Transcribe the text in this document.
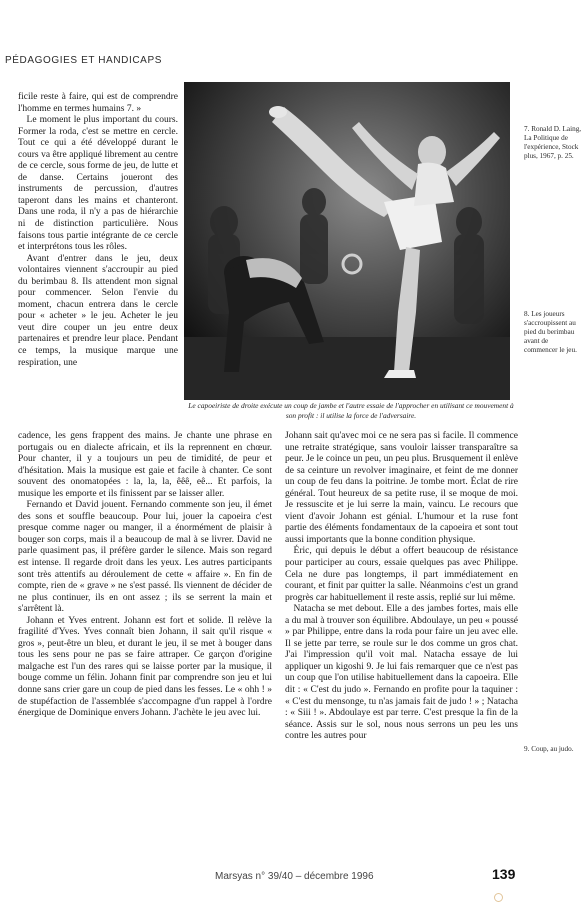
PÉDAGOGIES ET HANDICAPS
Le capoeiriste de droite exécute un coup de jambe et l'autre essaie de l'approcher en utilisant ce mouvement à son profit : il utilise la force de l'adversaire.

ficile reste à faire, qui est de comprendre l'homme en termes humains 7. »

Le moment le plus important du cours. Former la roda, c'est se mettre en cercle. Tout ce qui a été développé durant le cours va être appliqué librement au centre de ce cercle, sous forme de jeu, de lutte et de danse. Certains joueront des instruments de percussion, d'autres taperont dans les mains et chanteront. Dans une roda, il n'y a pas de hiérarchie ni de distinction particulière. Nous faisons tous partie intégrante de ce cercle et interprétons tous les rôles.

Avant d'entrer dans le jeu, deux volontaires viennent s'accroupir au pied du berimbau 8. Ils attendent mon signal pour commencer. Selon l'envie du moment, chacun entrera dans le cercle pour « acheter » le jeu. Acheter le jeu veut dire couper un jeu entre deux partenaires et prendre leur place. Pendant ce temps, la musique marque une respiration, une

cadence, les gens frappent des mains. Je chante une phrase en portugais ou en dialecte africain, et ils la reprennent en chœur. Pour chanter, il y a toujours un peu de timidité, de peur et d'hésitation. Mais la musique est gaie et facile à chanter. Ce sont souvent des onomatopées : la, la, la, êêê, eê... Et parfois, la musique les emporte et ils finissent par se laisser aller.

Fernando et David jouent. Fernando commente son jeu, il émet des sons et souffle beaucoup. Pour lui, jouer la capoeira c'est presque comme nager ou manger, il a énormément de plaisir à bouger son corps, mais il a beaucoup de mal à se livrer. David ne parle quasiment pas, il préfère garder le silence. Mais son regard est intense. Il regarde droit dans les yeux. Les autres participants sont très attentifs au déroulement de cette « affaire ». En fin de compte, rien de « grave » ne s'est passé. Ils viennent de décider de ne plus continuer, ils en ont assez ; ils se serrent la main et s'arrêtent là.

Johann et Yves entrent. Johann est fort et solide. Il relève la fragilité d'Yves. Yves connaît bien Johann, il sait qu'il risque « gros », peut-être un bleu, et durant le jeu, il se met à bouger dans tous les sens pour ne pas se faire attraper. Ce garçon d'origine malgache est l'un des rares qui se laisse porter par la musique, il bouge comme un félin. Johann finit par comprendre son jeu et lui donne sans crier gare un coup de pied dans les fesses. Le « ohh ! » de stupéfaction de l'assemblée s'accompagne d'un rappel à l'ordre énergique de Dominique envers Johann. J'achète le jeu avec lui.

Johann sait qu'avec moi ce ne sera pas si facile. Il commence une retraite stratégique, sans vouloir laisser transparaître sa peur. Je le coince un peu, un peu plus. Brusquement il enlève de sa ceinture un revolver imaginaire, et feint de me donner un coup de feu dans la poitrine. Je tombe mort. Éclat de rire général. Tout heureux de sa petite ruse, il se moque de moi. Je ressuscite et je lui serre la main, vaincu. Le recours que vient d'avoir Johann est génial. L'humour et la ruse font partie des éléments fondamentaux de la capoeira et sont tout aussi importants que la bonne condition physique.

Éric, qui depuis le début a offert beaucoup de résistance pour participer au cours, essaie quelques pas avec Philippe. Cela ne dure pas longtemps, il part immédiatement en courant, et finit par quitter la salle. Néanmoins c'est un grand progrès car habituellement il reste assis, replié sur lui même.

Natacha se met debout. Elle a des jambes fortes, mais elle a du mal à trouver son équilibre. Abdoulaye, un peu « poussé » par Philippe, entre dans la roda pour faire un jeu avec elle. Il se jette par terre, se roule sur le dos comme un gros chat. J'ai l'impression qu'il voit mal. Natacha essaye de lui appliquer un kigoshi 9. Je lui fais remarquer que ce n'est pas un coup que l'on utilise habituellement dans la capoeira. Elle dit : « C'est du judo ». Fernando en profite pour la taquiner : « C'est du mensonge, tu n'as jamais fait de judo ! » ; Natacha : « Siii ! ». Abdoulaye est par terre. C'est presque la fin de la séance. Assis sur le sol, nous nous serrons un peu les uns contre les autres pour

7. Ronald D. Laing, La Politique de l'expérience, Stock plus, 1967, p. 25.
8. Les joueurs s'accroupissent au pied du berimbau avant de commencer le jeu.
9. Coup, au judo.
Marsyas n° 39/40 – décembre 1996	139
